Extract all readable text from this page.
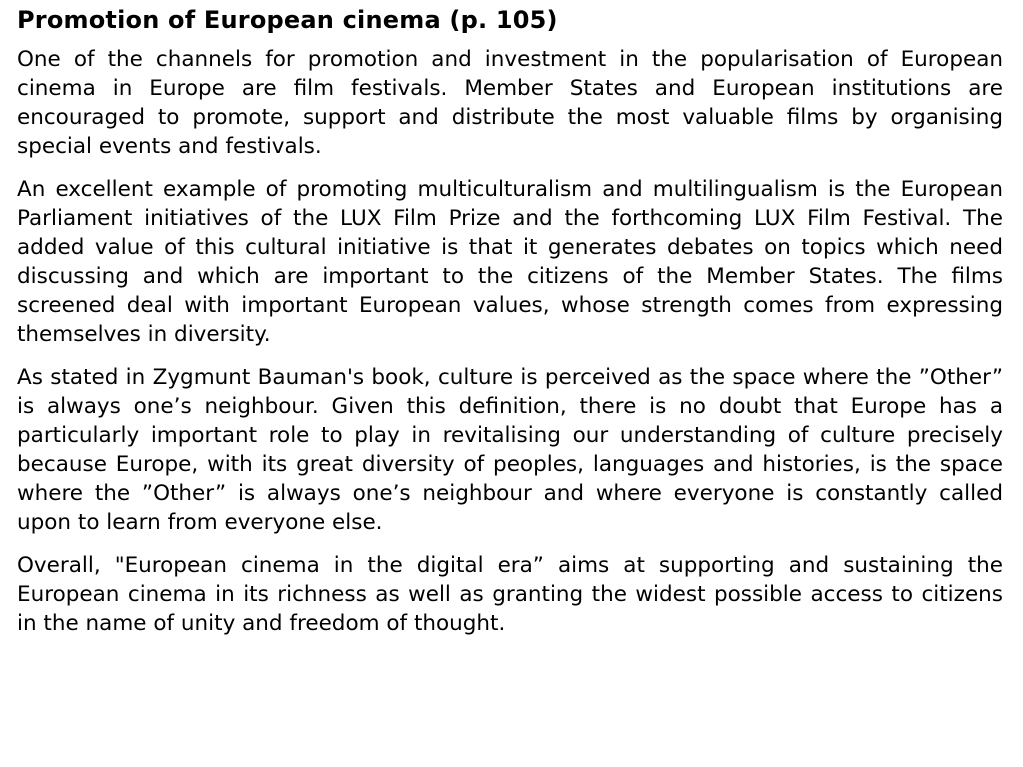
Promotion of European cinema (p. 105)

One of the channels for promotion and investment in the popularisation of European cinema in Europe are film festivals. Member States and European institutions are encouraged to promote, support and distribute the most valuable films by organising special events and festivals.

An excellent example of promoting multiculturalism and multilingualism is the European Parliament initiatives of the LUX Film Prize and the forthcoming LUX Film Festival. The added value of this cultural initiative is that it generates debates on topics which need discussing and which are important to the citizens of the Member States. The films screened deal with important European values, whose strength comes from expressing themselves in diversity.

As stated in Zygmunt Bauman's book, culture is perceived as the space where the ”Other” is always one’s neighbour. Given this definition, there is no doubt that Europe has a particularly important role to play in revitalising our understanding of culture precisely because Europe, with its great diversity of peoples, languages and histories, is the space where the ”Other” is always one’s neighbour and where everyone is constantly called upon to learn from everyone else.

Overall, "European cinema in the digital era” aims at supporting and sustaining the European cinema in its richness as well as granting the widest possible access to citizens in the name of unity and freedom of thought.
